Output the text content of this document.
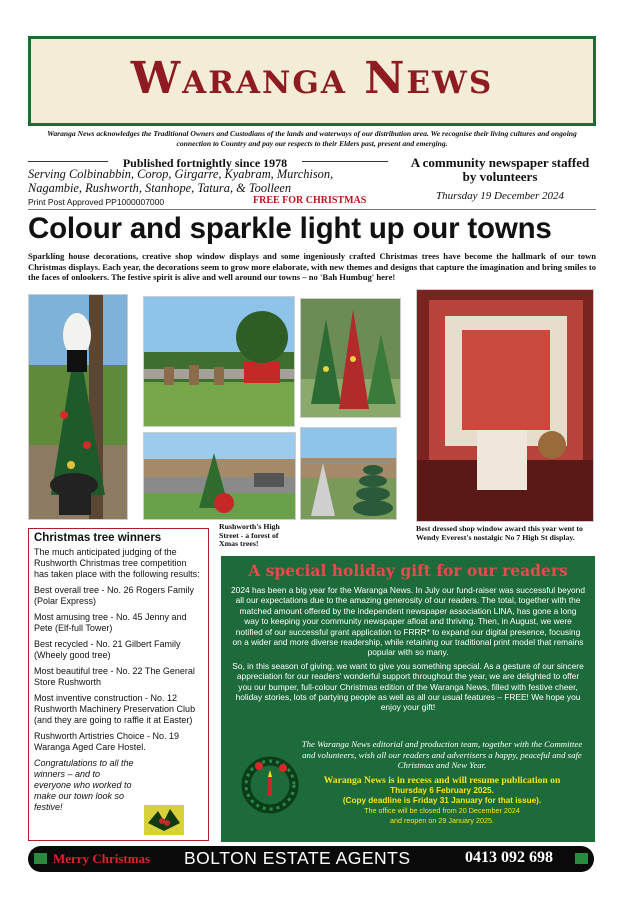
Waranga News
Waranga News acknowledges the Traditional Owners and Custodians of the lands and waterways of our distribution area. We recognise their living cultures and ongoing connection to Country and pay our respects to their Elders past, present and emerging.
Published fortnightly since 1978
Serving Colbinabbin, Corop, Girgarre, Kyabram, Murchison, Nagambie, Rushworth, Stanhope, Tatura, & Toolleen
Print Post Approved PP1000007000	FREE FOR CHRISTMAS
A community newspaper staffed by volunteers
Thursday 19 December 2024
Colour and sparkle light up our towns
Sparkling house decorations, creative shop window displays and some ingeniously crafted Christmas trees have become the hallmark of our town Christmas displays. Each year, the decorations seem to grow more elaborate, with new themes and designs that capture the imagination and bring smiles to the faces of onlookers. The festive spirit is alive and well around our towns – no 'Bah Humbug' here!
Rushworth's High Street - a forest of Xmas trees!
Best dressed shop window award this year went to Wendy Everest's nostalgic No 7 High St display.
Christmas tree winners

The much anticipated judging of the Rushworth Christmas tree competition has taken place with the following results:

Best overall tree - No. 26 Rogers Family (Polar Express)

Most amusing tree - No. 45 Jenny and Pete (Elf-full Tower)

Best recycled - No. 21 Gilbert Family (Wheely good tree)

Most beautiful tree - No. 22 The General Store Rushworth

Most inventive construction - No. 12 Rushworth Machinery Preservation Club (and they are going to raffle it at Easter)

Rushworth Artistries Choice - No. 19 Waranga Aged Care Hostel.

Congratulations to all the winners – and to everyone who worked to make our town look so festive!

A special holiday gift for our readers

2024 has been a big year for the Waranga News. In July our fund-raiser was successful beyond all our expectations due to the amazing generosity of our readers. The total, together with the matched amount offered by the independent newspaper association LINA, has gone a long way to keeping your community newspaper afloat and thriving. Then, in August, we were notified of our successful grant application to FRRR* to expand our digital presence, focusing on a wider and more diverse readership, while retaining our traditional print model that remains popular with so many.

So, in this season of giving, we want to give you something special. As a gesture of our sincere appreciation for our readers' wonderful support throughout the year, we are delighted to offer you our bumper, full-colour Christmas edition of the Waranga News, filled with festive cheer, holiday stories, lots of partying people as well as all our usual features – FREE! We hope you enjoy your gift!

The Waranga News editorial and production team, together with the Committee and volunteers, wish all our readers and advertisers a happy, peaceful and safe Christmas and New Year.
Waranga News is in recess and will resume publication on
Thursday 6 February 2025.
(Copy deadline is Friday 31 January for that issue).
The office will be closed from 20 December 2024
and reopen on 29 January 2025.
Merry Christmas BOLTON ESTATE AGENTS	0413 092 698
